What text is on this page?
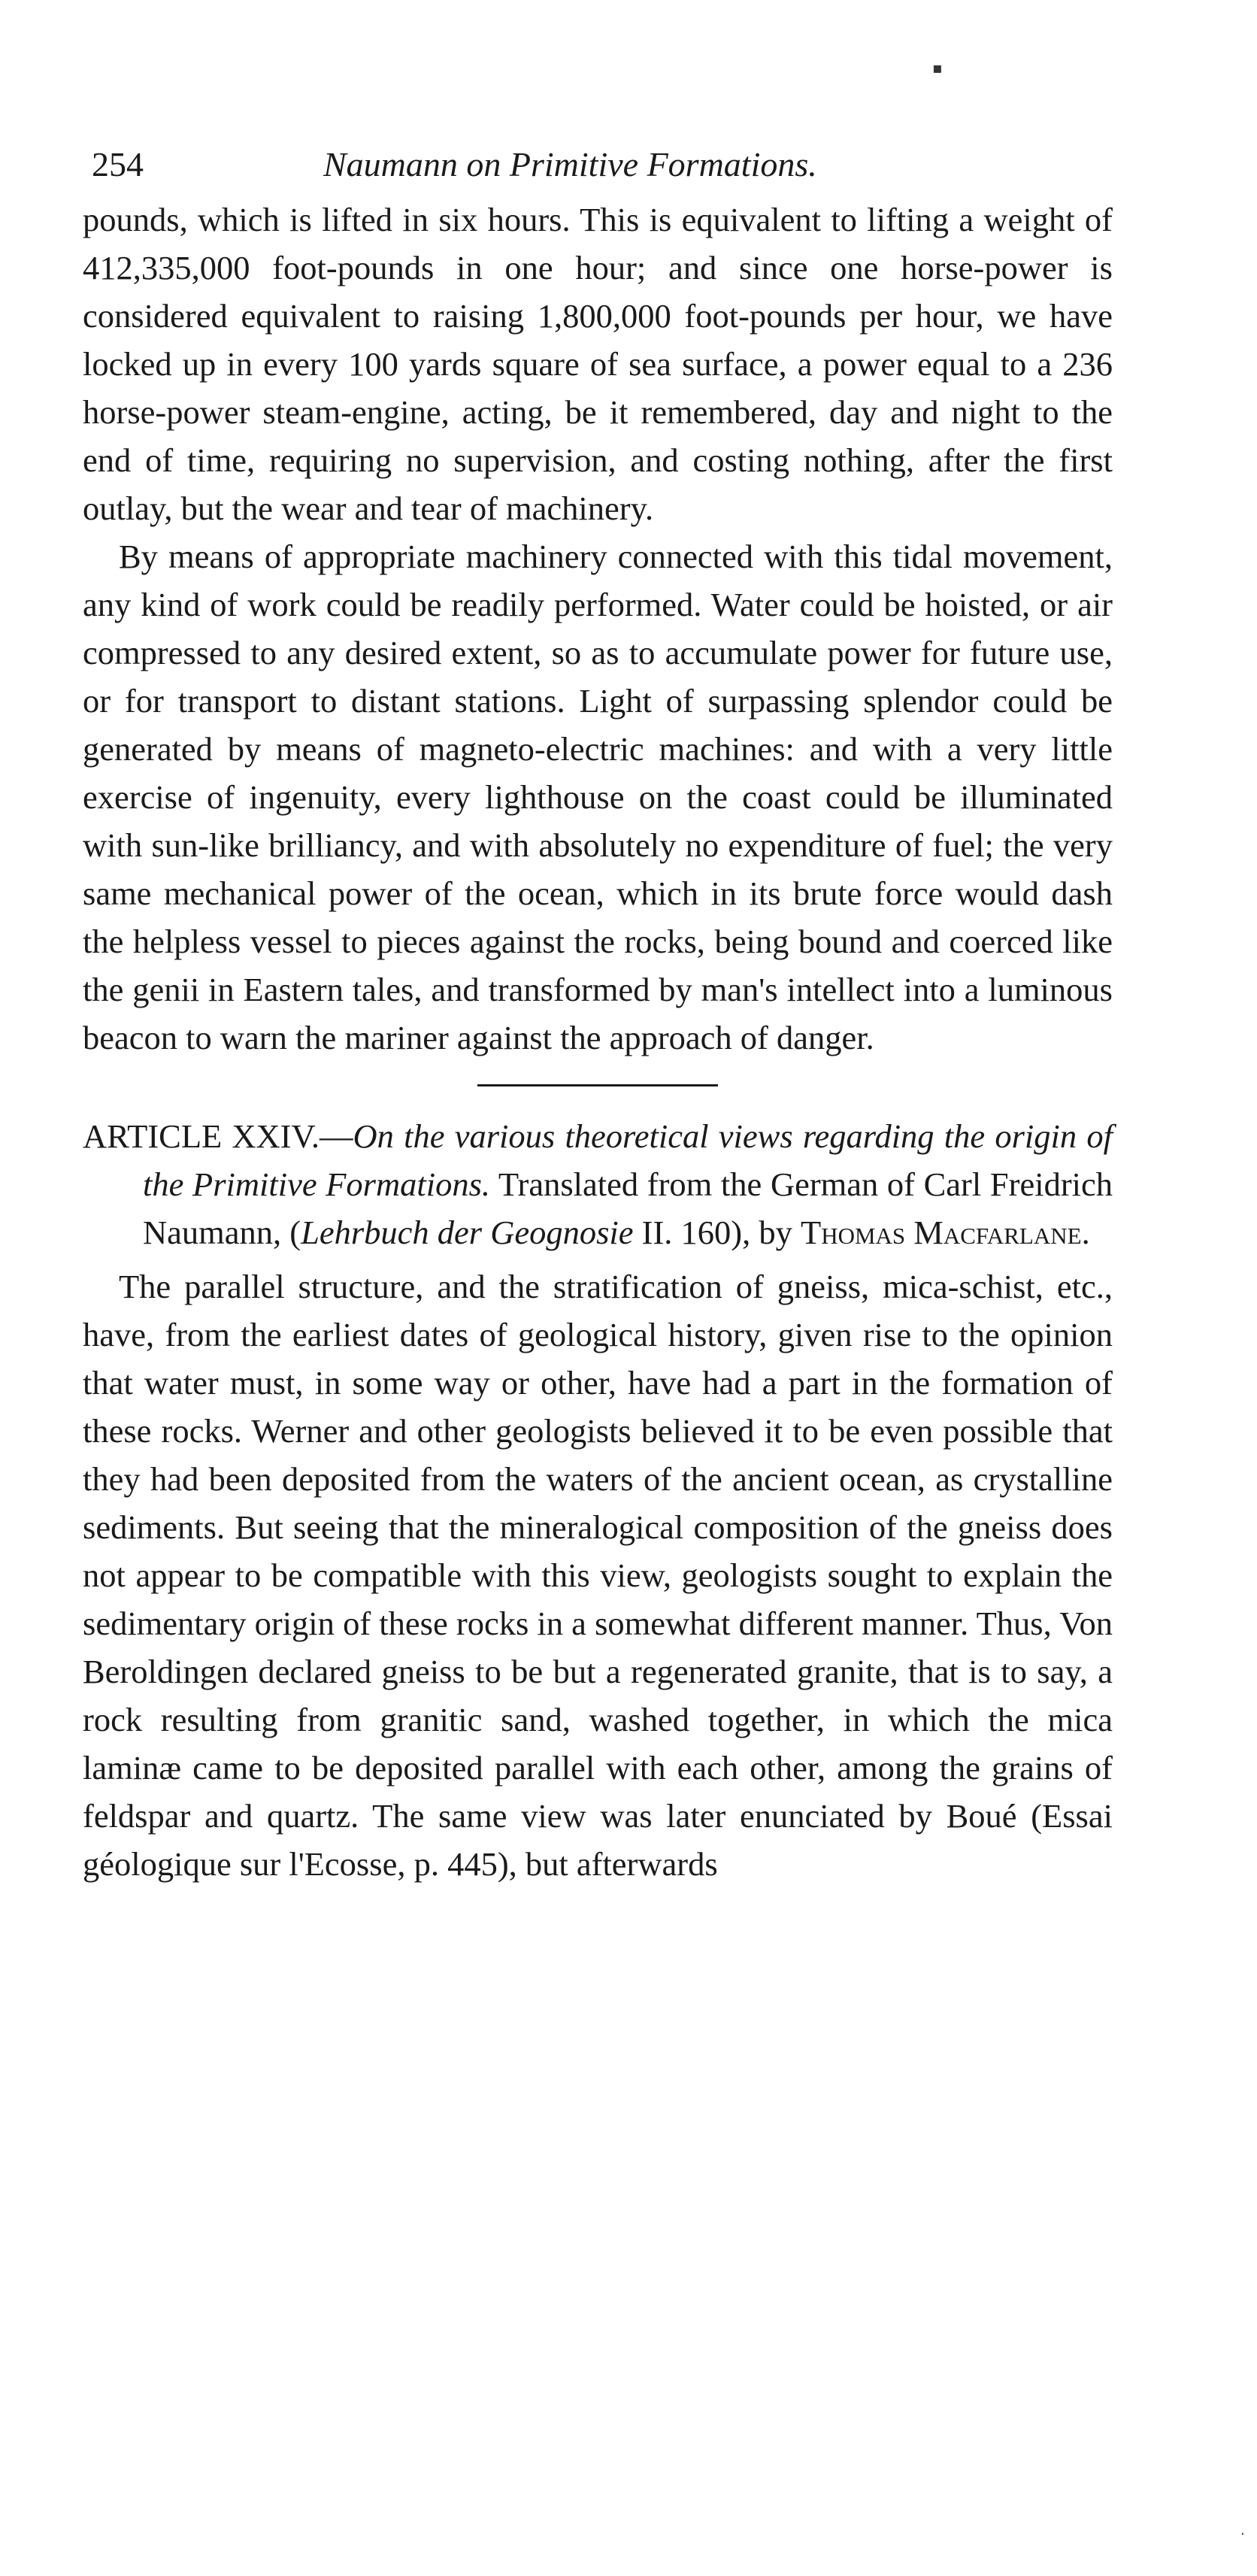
254	Naumann on Primitive Formations.

pounds, which is lifted in six hours. This is equivalent to lifting a weight of 412,335,000 foot-pounds in one hour; and since one horse-power is considered equivalent to raising 1,800,000 foot-pounds per hour, we have locked up in every 100 yards square of sea surface, a power equal to a 236 horse-power steam-engine, acting, be it remembered, day and night to the end of time, requiring no supervision, and costing nothing, after the first outlay, but the wear and tear of machinery.

By means of appropriate machinery connected with this tidal movement, any kind of work could be readily performed. Water could be hoisted, or air compressed to any desired extent, so as to accumulate power for future use, or for transport to distant stations. Light of surpassing splendor could be generated by means of magneto-electric machines: and with a very little exercise of ingenuity, every lighthouse on the coast could be illuminated with sun-like brilliancy, and with absolutely no expenditure of fuel; the very same mechanical power of the ocean, which in its brute force would dash the helpless vessel to pieces against the rocks, being bound and coerced like the genii in Eastern tales, and transformed by man's intellect into a luminous beacon to warn the mariner against the approach of danger.

ARTICLE XXIV.—On the various theoretical views regarding the origin of the Primitive Formations. Translated from the German of Carl Freidrich Naumann, (Lehrbuch der Geognosie II. 160), by Thomas Macfarlane.

The parallel structure, and the stratification of gneiss, mica-schist, etc., have, from the earliest dates of geological history, given rise to the opinion that water must, in some way or other, have had a part in the formation of these rocks. Werner and other geologists believed it to be even possible that they had been deposited from the waters of the ancient ocean, as crystalline sediments. But seeing that the mineralogical composition of the gneiss does not appear to be compatible with this view, geologists sought to explain the sedimentary origin of these rocks in a somewhat different manner. Thus, Von Beroldingen declared gneiss to be but a regenerated granite, that is to say, a rock resulting from granitic sand, washed together, in which the mica laminæ came to be deposited parallel with each other, among the grains of feldspar and quartz. The same view was later enunciated by Boué (Essai géologique sur l'Ecosse, p. 445), but afterwards

▪
·
